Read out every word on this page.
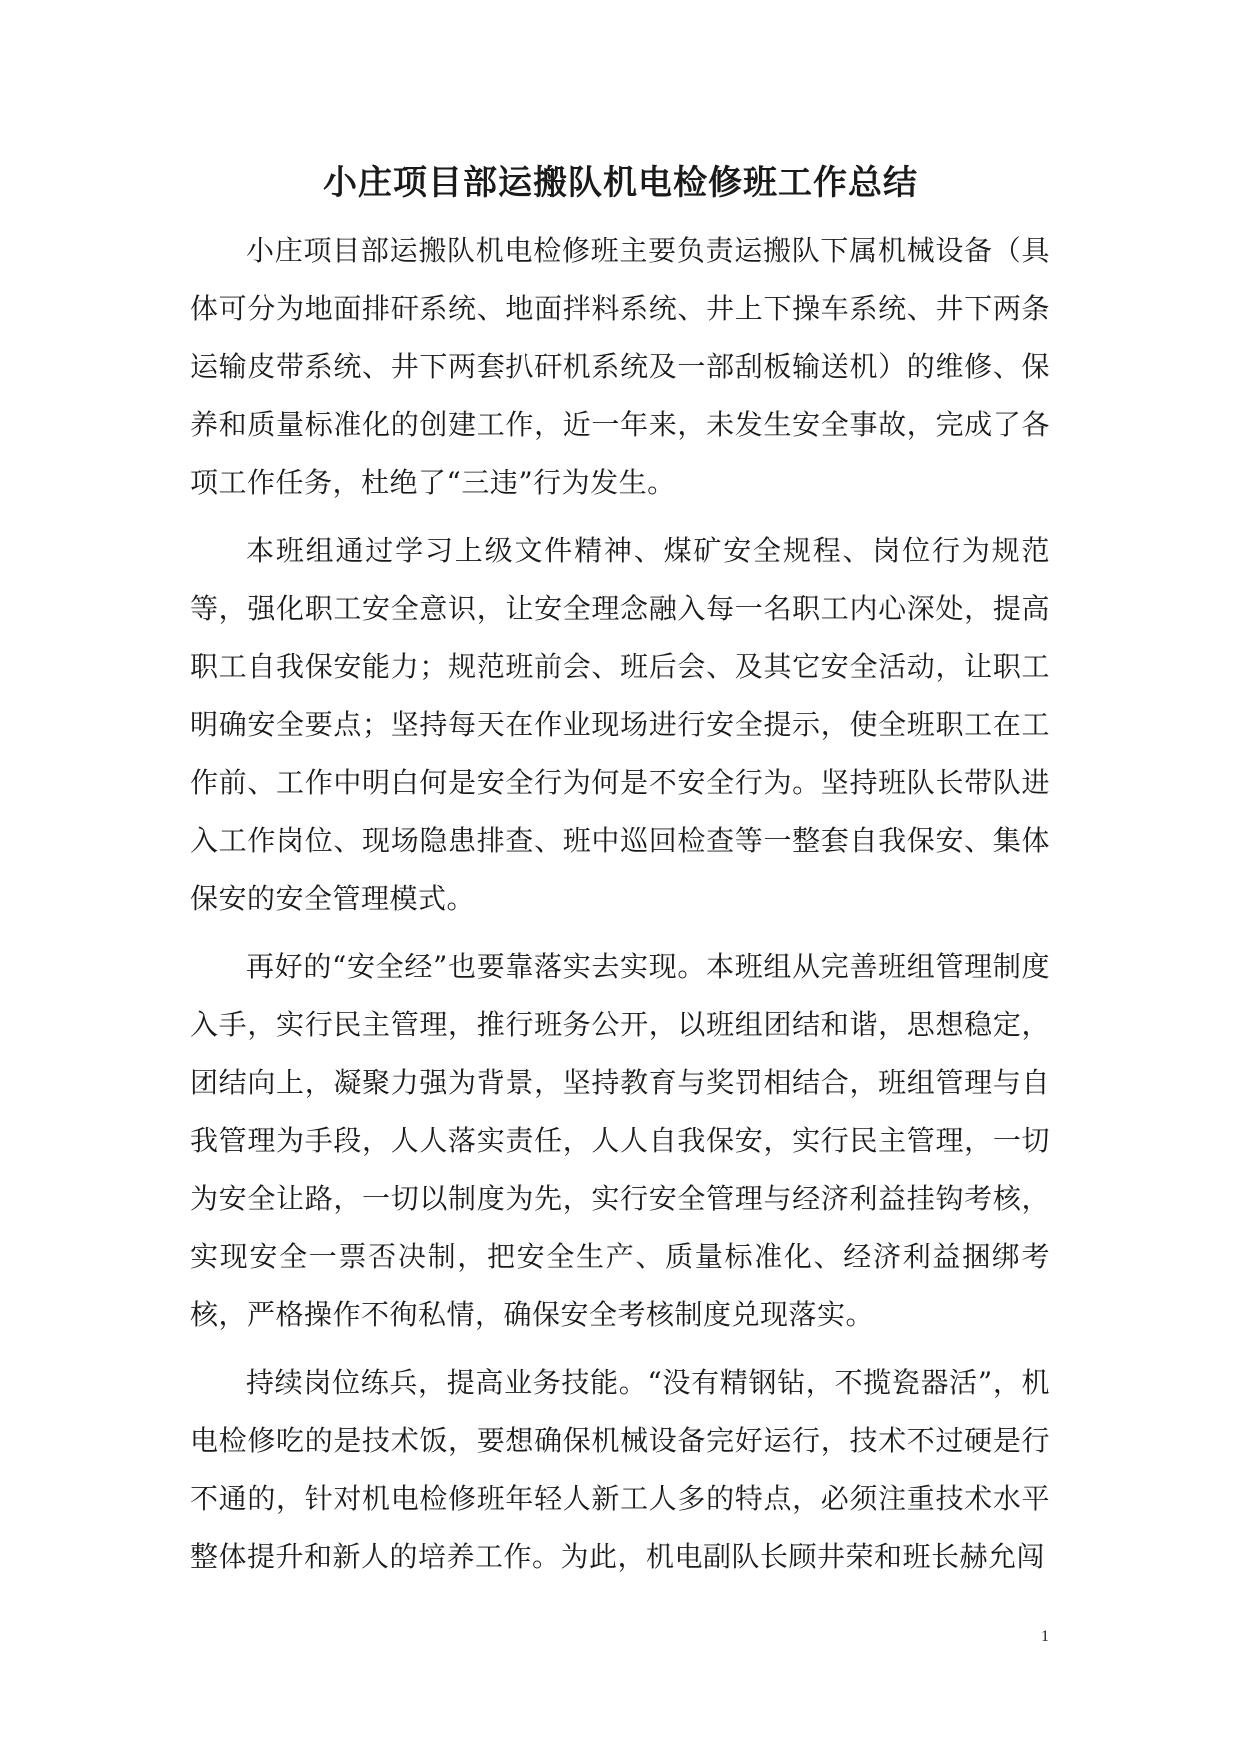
小庄项目部运搬队机电检修班工作总结

小庄项目部运搬队机电检修班主要负责运搬队下属机械设备（具体可分为地面排矸系统、地面拌料系统、井上下操车系统、井下两条运输皮带系统、井下两套扒矸机系统及一部刮板输送机）的维修、保养和质量标准化的创建工作，近一年来，未发生安全事故，完成了各项工作任务，杜绝了“三违”行为发生。

本班组通过学习上级文件精神、煤矿安全规程、岗位行为规范等，强化职工安全意识，让安全理念融入每一名职工内心深处，提高职工自我保安能力；规范班前会、班后会、及其它安全活动，让职工明确安全要点；坚持每天在作业现场进行安全提示，使全班职工在工作前、工作中明白何是安全行为何是不安全行为。坚持班队长带队进入工作岗位、现场隐患排查、班中巡回检查等一整套自我保安、集体保安的安全管理模式。

再好的“安全经”也要靠落实去实现。本班组从完善班组管理制度入手，实行民主管理，推行班务公开，以班组团结和谐，思想稳定，团结向上，凝聚力强为背景，坚持教育与奖罚相结合，班组管理与自我管理为手段，人人落实责任，人人自我保安，实行民主管理，一切为安全让路，一切以制度为先，实行安全管理与经济利益挂钩考核，实现安全一票否决制，把安全生产、质量标准化、经济利益捆绑考核，严格操作不徇私情，确保安全考核制度兑现落实。

持续岗位练兵，提高业务技能。“没有精钢钻，不揽瓷器活”，机电检修吃的是技术饭，要想确保机械设备完好运行，技术不过硬是行不通的，针对机电检修班年轻人新工人多的特点，必须注重技术水平整体提升和新人的培养工作。为此，机电副队长顾井荣和班长赫允闯

1
